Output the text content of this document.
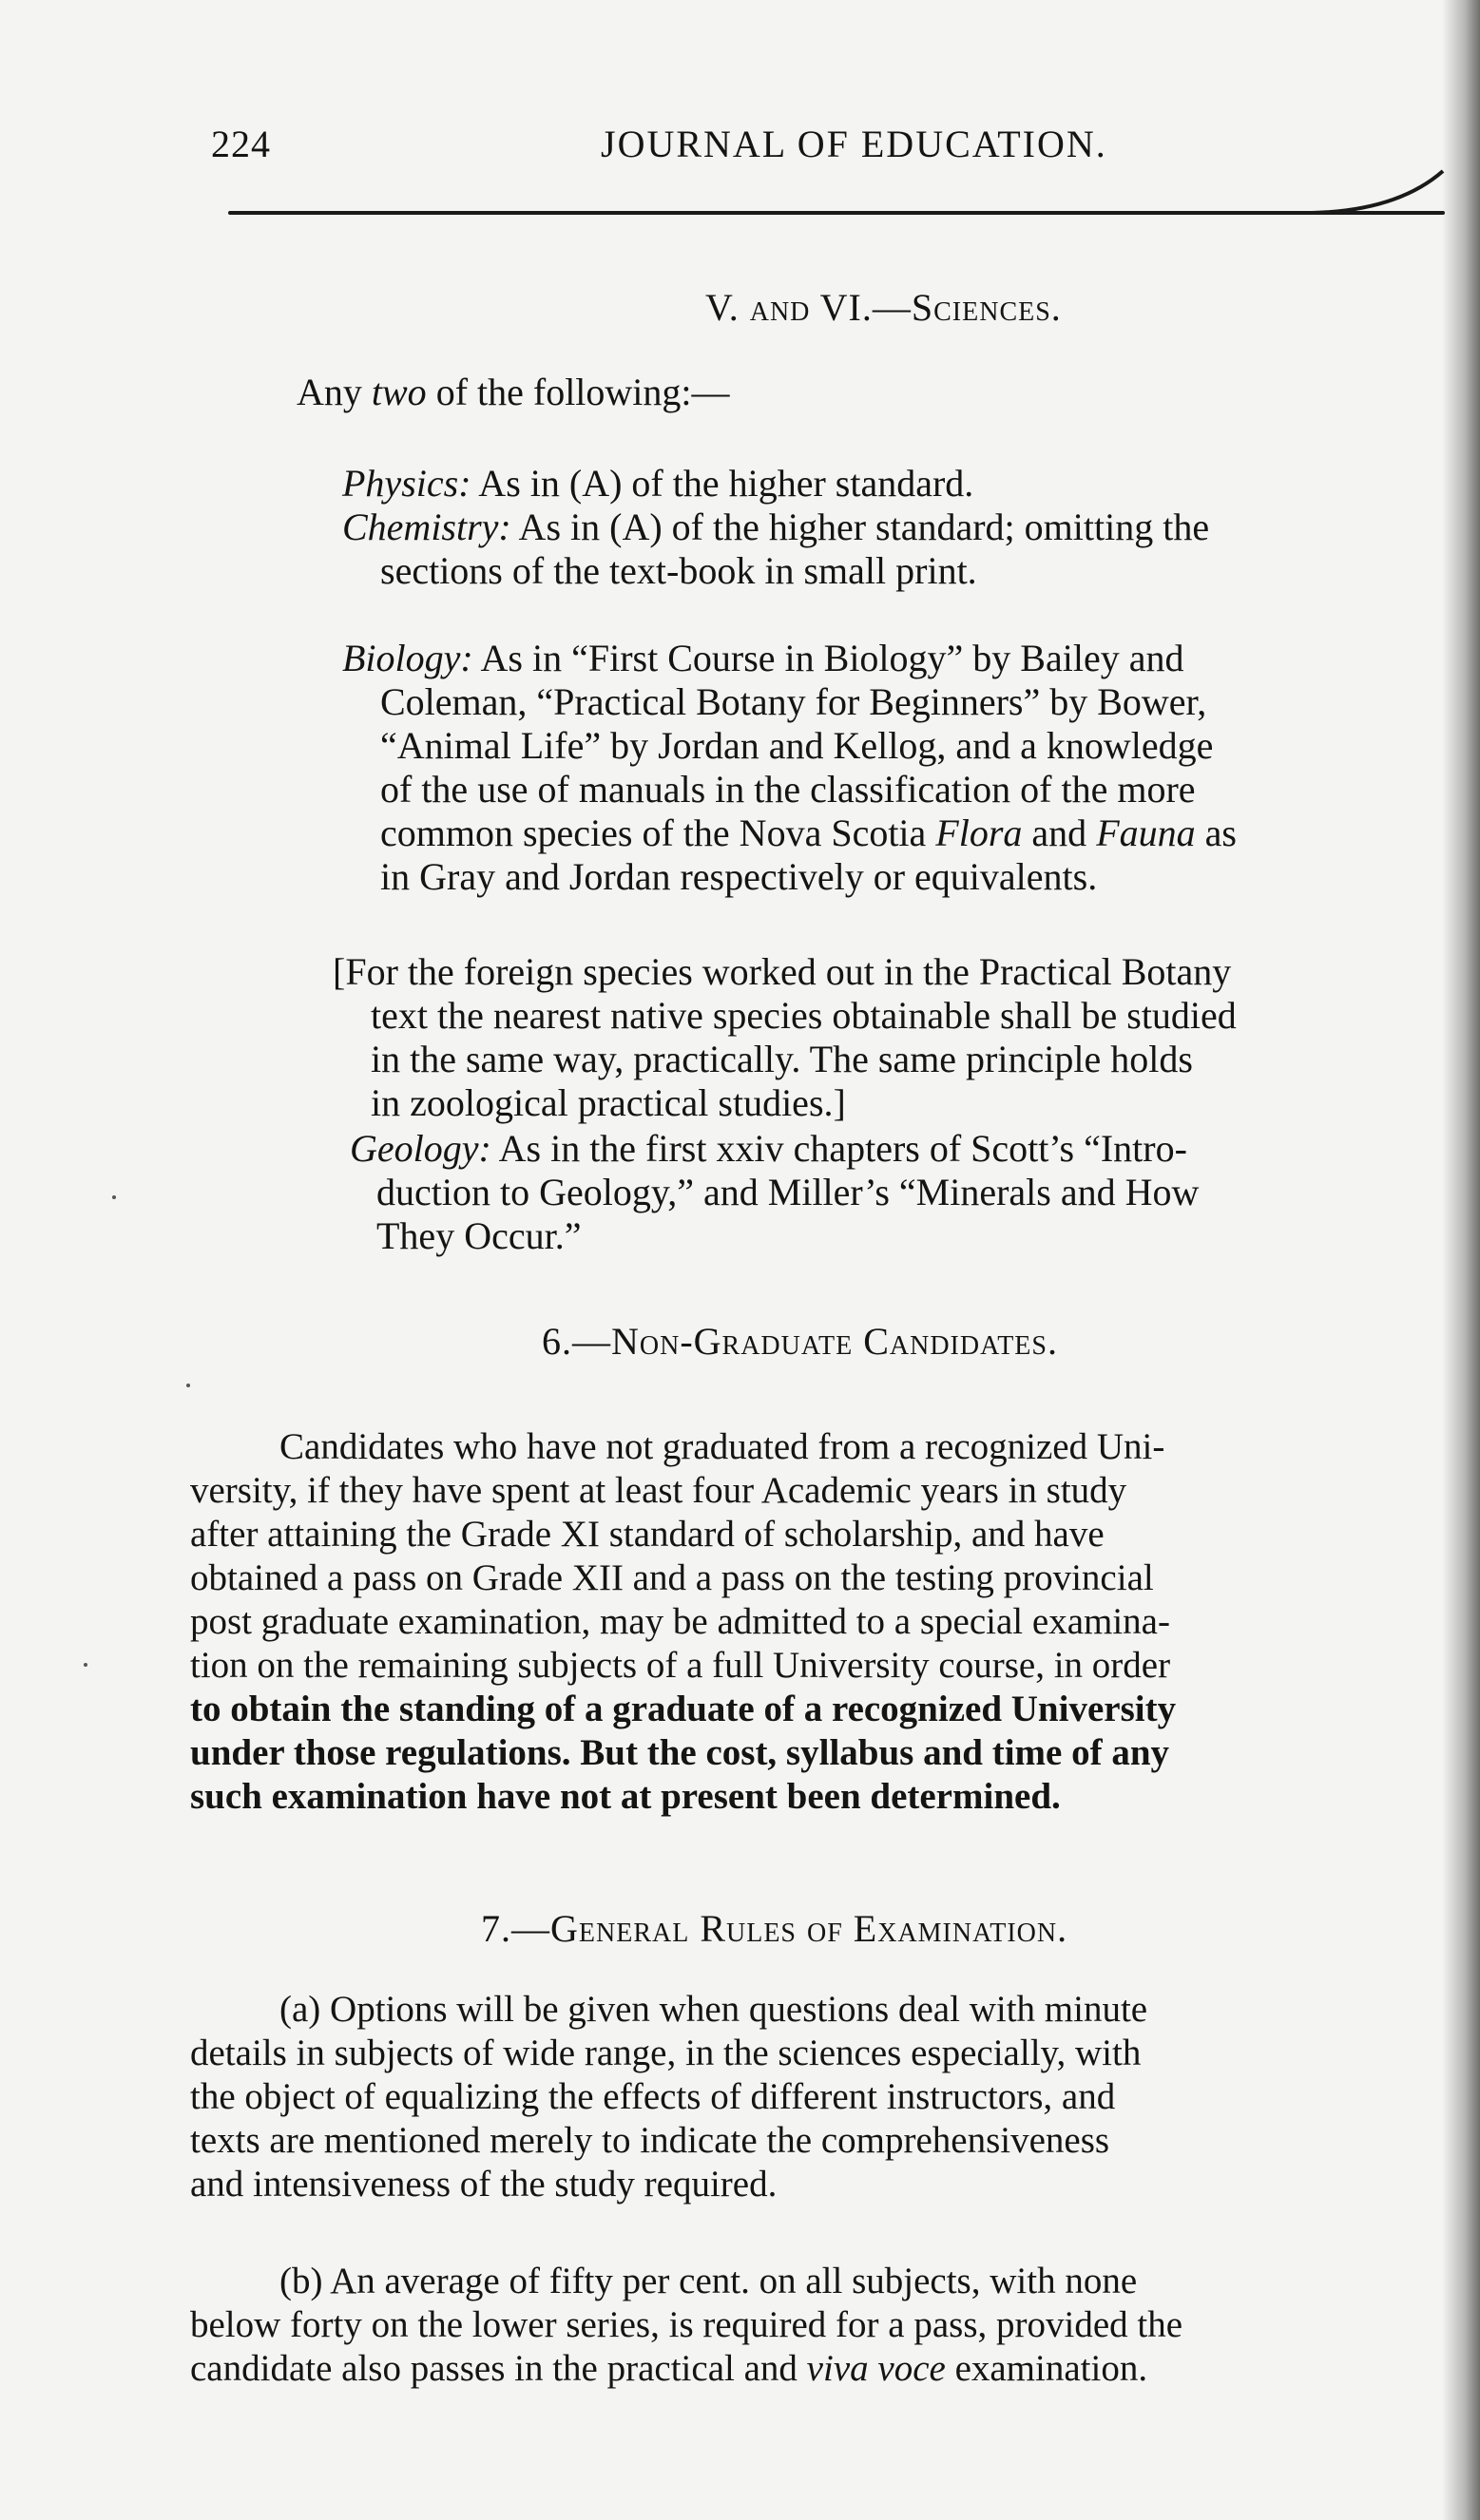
224	JOURNAL OF EDUCATION.
V. and VI.—Sciences.
Any two of the following:—
Physics: As in (A) of the higher standard.
Chemistry: As in (A) of the higher standard; omitting the
sections of the text-book in small print.
Biology: As in “First Course in Biology” by Bailey and
Coleman, “Practical Botany for Beginners” by Bower,
“Animal Life” by Jordan and Kellog, and a knowledge
of the use of manuals in the classification of the more
common species of the Nova Scotia Flora and Fauna as
in Gray and Jordan respectively or equivalents.
[For the foreign species worked out in the Practical Botany
text the nearest native species obtainable shall be studied
in the same way, practically. The same principle holds
in zoological practical studies.]
Geology: As in the first xxiv chapters of Scott’s “Intro-
duction to Geology,” and Miller’s “Minerals and How
They Occur.”
6.—Non-Graduate Candidates.
Candidates who have not graduated from a recognized Uni-
versity, if they have spent at least four Academic years in study
after attaining the Grade XI standard of scholarship, and have
obtained a pass on Grade XII and a pass on the testing provincial
post graduate examination, may be admitted to a special examina-
tion on the remaining subjects of a full University course, in order
to obtain the standing of a graduate of a recognized University
under those regulations. But the cost, syllabus and time of any
such examination have not at present been determined.
7.—General Rules of Examination.
(a) Options will be given when questions deal with minute
details in subjects of wide range, in the sciences especially, with
the object of equalizing the effects of different instructors, and
texts are mentioned merely to indicate the comprehensiveness
and intensiveness of the study required.
(b) An average of fifty per cent. on all subjects, with none
below forty on the lower series, is required for a pass, provided the
candidate also passes in the practical and viva voce examination.
